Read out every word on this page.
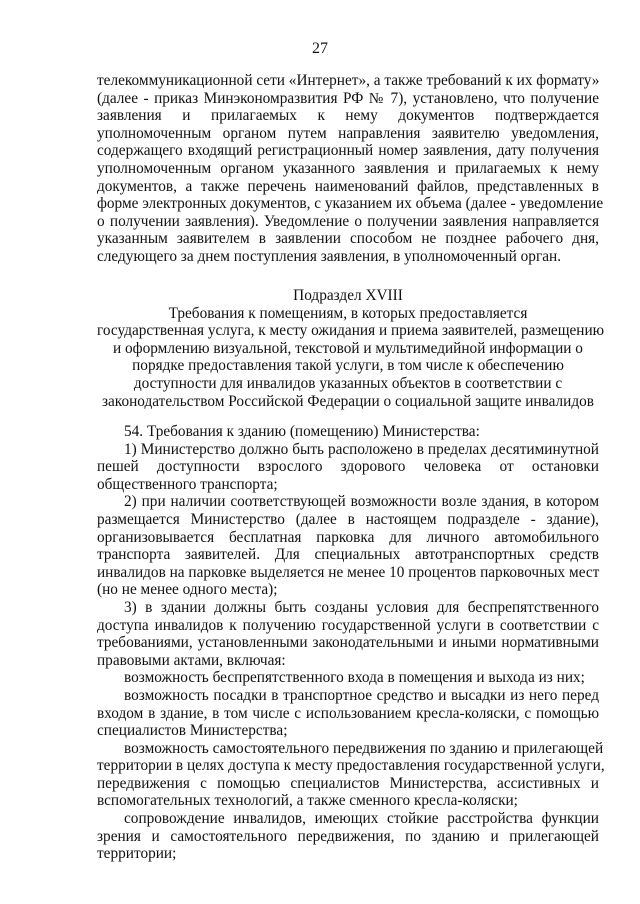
27
телекоммуникационной сети «Интернет», а также требований к их формату»
(далее - приказ Минэкономразвития РФ № 7), установлено, что получение
заявления и прилагаемых к нему документов подтверждается
уполномоченным органом путем направления заявителю уведомления,
содержащего входящий регистрационный номер заявления, дату получения
уполномоченным органом указанного заявления и прилагаемых к нему
документов, а также перечень наименований файлов, представленных в
форме электронных документов, с указанием их объема (далее - уведомление
о получении заявления). Уведомление о получении заявления направляется
указанным заявителем в заявлении способом не позднее рабочего дня,
следующего за днем поступления заявления, в уполномоченный орган.
Подраздел XVIII
Требования к помещениям, в которых предоставляется
государственная услуга, к месту ожидания и приема заявителей, размещению
и оформлению визуальной, текстовой и мультимедийной информации о
порядке предоставления такой услуги, в том числе к обеспечению
доступности для инвалидов указанных объектов в соответствии с
законодательством Российской Федерации о социальной защите инвалидов
54. Требования к зданию (помещению) Министерства:
1) Министерство должно быть расположено в пределах десятиминутной
пешей доступности взрослого здорового человека от остановки
общественного транспорта;
2) при наличии соответствующей возможности возле здания, в котором
размещается Министерство (далее в настоящем подразделе - здание),
организовывается бесплатная парковка для личного автомобильного
транспорта заявителей. Для специальных автотранспортных средств
инвалидов на парковке выделяется не менее 10 процентов парковочных мест
(но не менее одного места);
3) в здании должны быть созданы условия для беспрепятственного
доступа инвалидов к получению государственной услуги в соответствии с
требованиями, установленными законодательными и иными нормативными
правовыми актами, включая:
возможность беспрепятственного входа в помещения и выхода из них;
возможность посадки в транспортное средство и высадки из него перед
входом в здание, в том числе с использованием кресла-коляски, с помощью
специалистов Министерства;
возможность самостоятельного передвижения по зданию и прилегающей
территории в целях доступа к месту предоставления государственной услуги,
передвижения с помощью специалистов Министерства, ассистивных и
вспомогательных технологий, а также сменного кресла-коляски;
сопровождение инвалидов, имеющих стойкие расстройства функции
зрения и самостоятельного передвижения, по зданию и прилегающей
территории;
